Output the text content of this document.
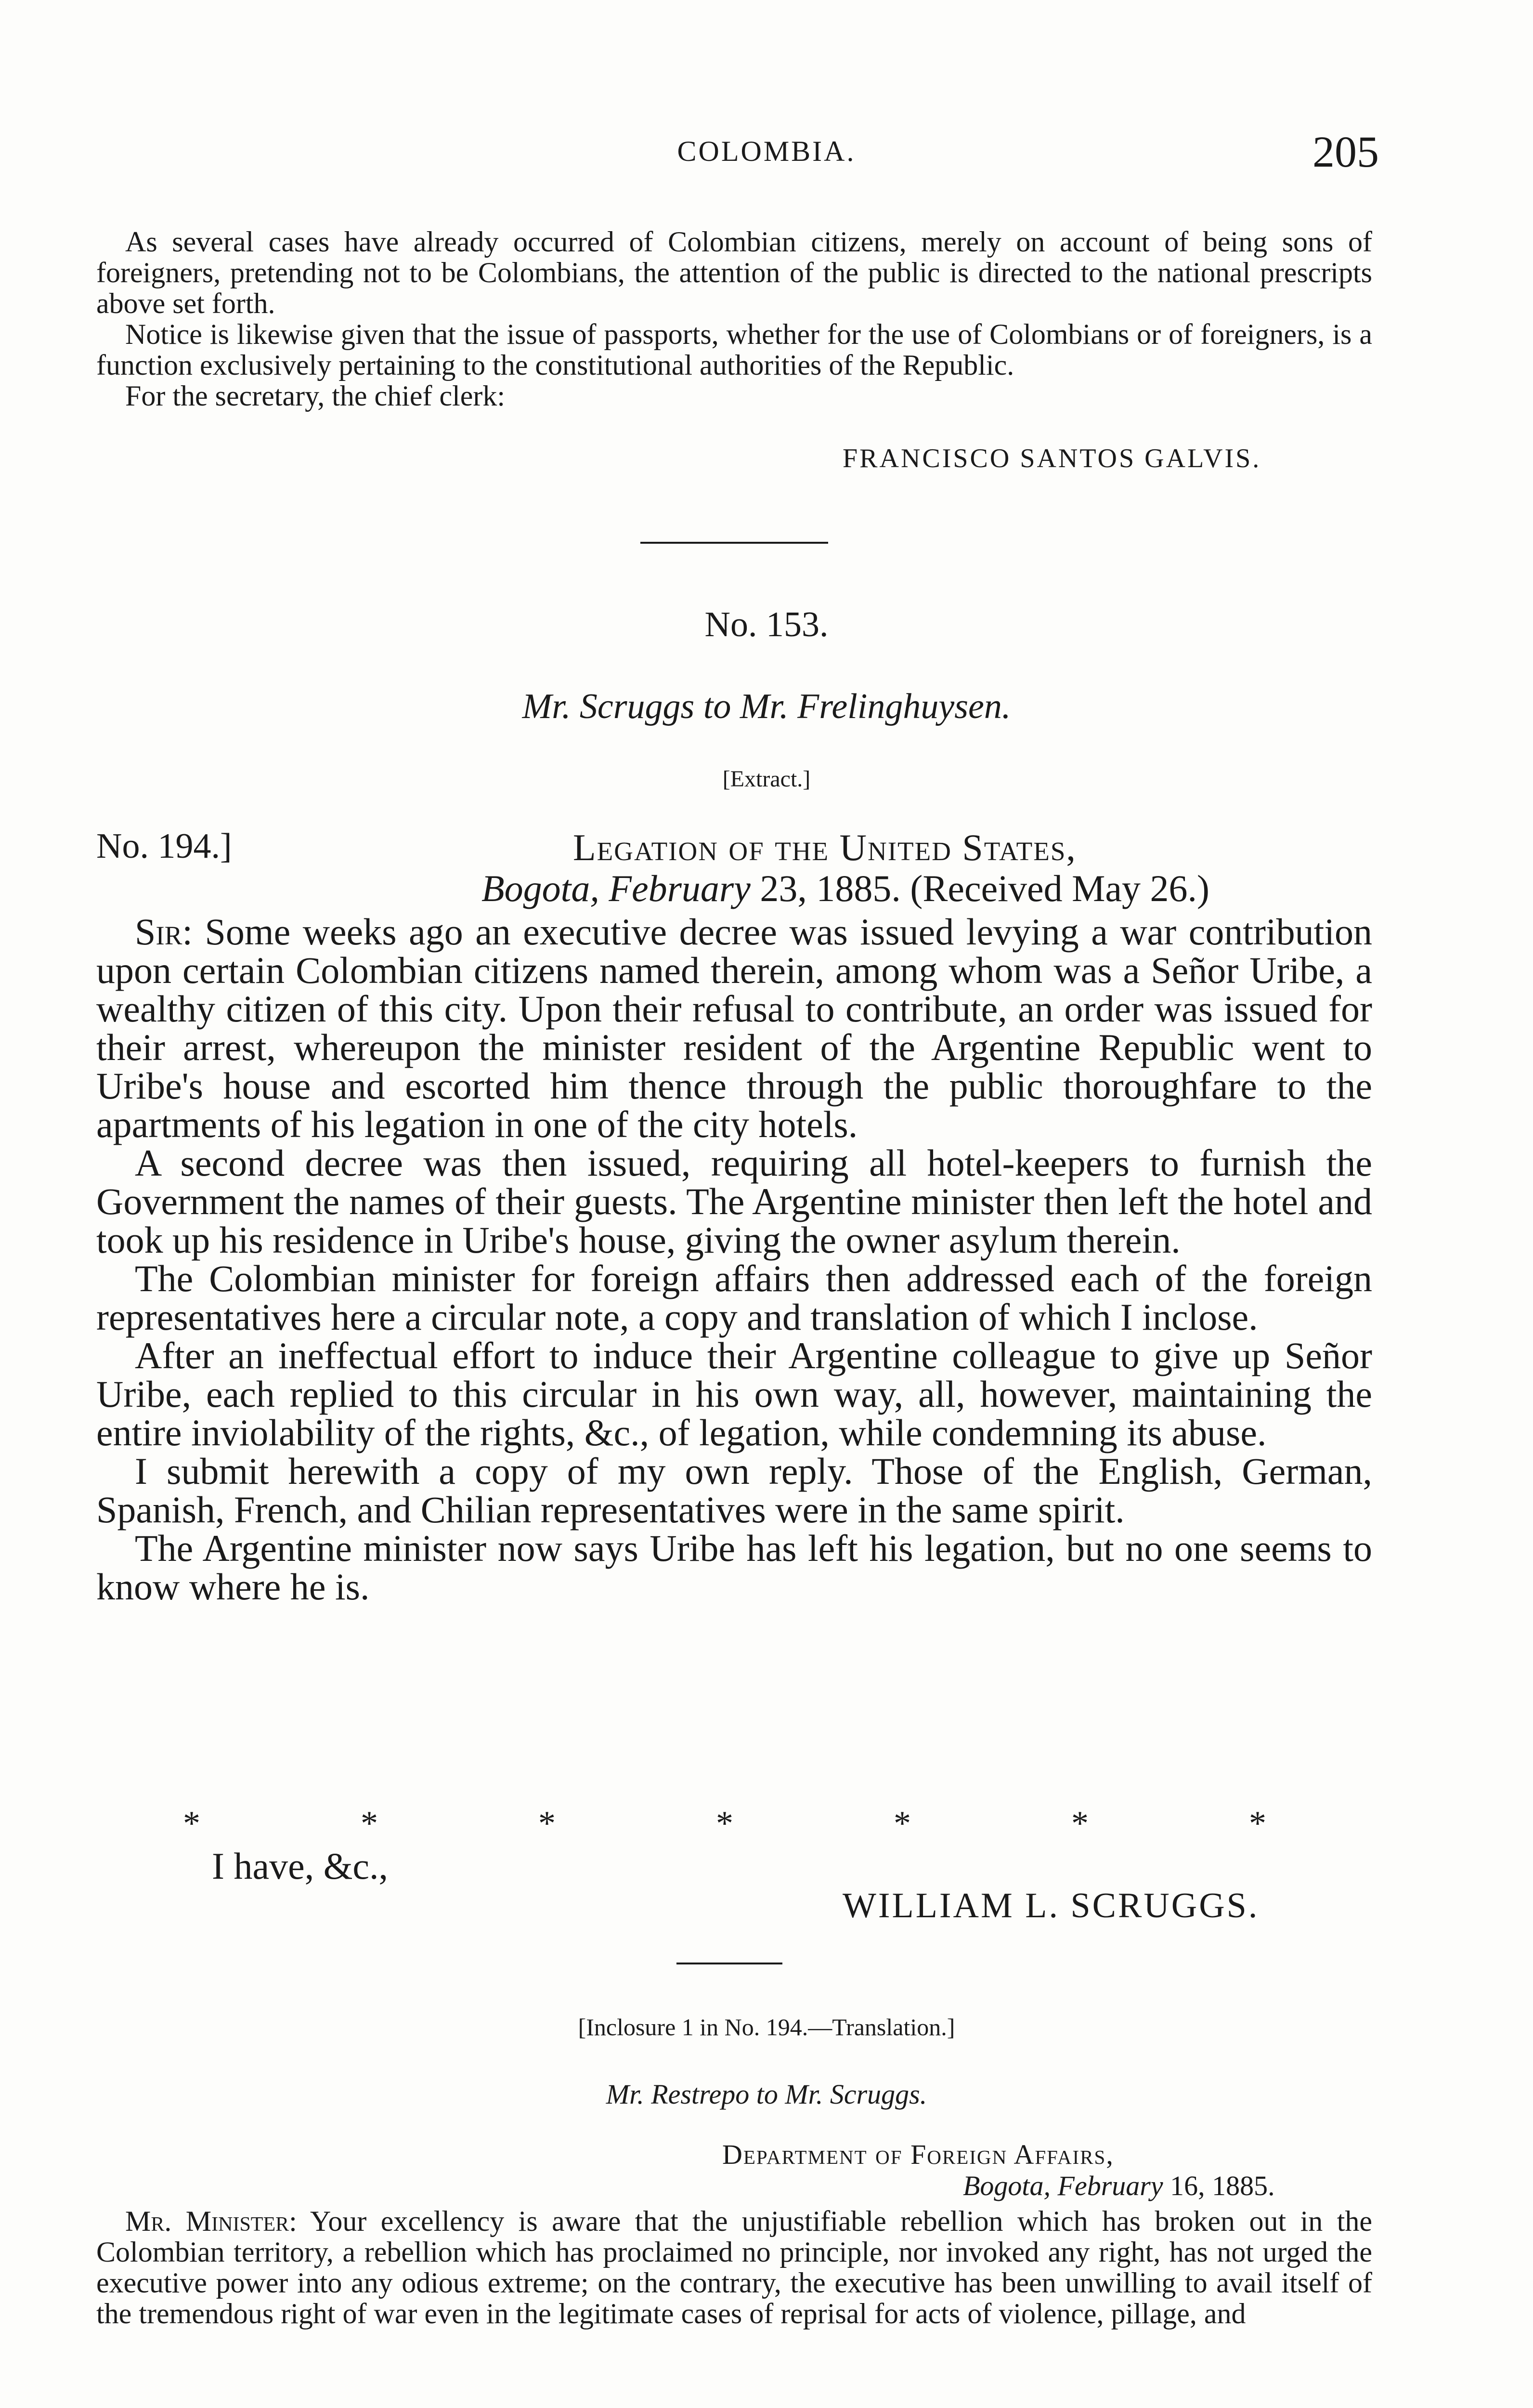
COLOMBIA.	205

As several cases have already occurred of Colombian citizens, merely on account of being sons of foreigners, pretending not to be Colombians, the attention of the public is directed to the national prescripts above set forth.

Notice is likewise given that the issue of passports, whether for the use of Colombians or of foreigners, is a function exclusively pertaining to the constitutional authorities of the Republic.

For the secretary, the chief clerk:

FRANCISCO SANTOS GALVIS.
No. 153.
Mr. Scruggs to Mr. Frelinghuysen.
[Extract.]
No. 194.]	Legation of the United States,
Bogota, February 23, 1885. (Received May 26.)

Sir: Some weeks ago an executive decree was issued levying a war contribution upon certain Colombian citizens named therein, among whom was a Señor Uribe, a wealthy citizen of this city. Upon their refusal to contribute, an order was issued for their arrest, whereupon the minister resident of the Argentine Republic went to Uribe's house and escorted him thence through the public thoroughfare to the apartments of his legation in one of the city hotels.

A second decree was then issued, requiring all hotel-keepers to furnish the Government the names of their guests. The Argentine minister then left the hotel and took up his residence in Uribe's house, giving the owner asylum therein.

The Colombian minister for foreign affairs then addressed each of the foreign representatives here a circular note, a copy and translation of which I inclose.

After an ineffectual effort to induce their Argentine colleague to give up Señor Uribe, each replied to this circular in his own way, all, however, maintaining the entire inviolability of the rights, &c., of legation, while condemning its abuse.

I submit herewith a copy of my own reply. Those of the English, German, Spanish, French, and Chilian representatives were in the same spirit.

The Argentine minister now says Uribe has left his legation, but no one seems to know where he is.

*	*	*	*	*	*	*
I have, &c.,
WILLIAM L. SCRUGGS.
[Inclosure 1 in No. 194.—Translation.]
Mr. Restrepo to Mr. Scruggs.
Department of Foreign Affairs,
Bogota, February 16, 1885.

Mr. Minister: Your excellency is aware that the unjustifiable rebellion which has broken out in the Colombian territory, a rebellion which has proclaimed no principle, nor invoked any right, has not urged the executive power into any odious extreme; on the contrary, the executive has been unwilling to avail itself of the tremendous right of war even in the legitimate cases of reprisal for acts of violence, pillage, and
